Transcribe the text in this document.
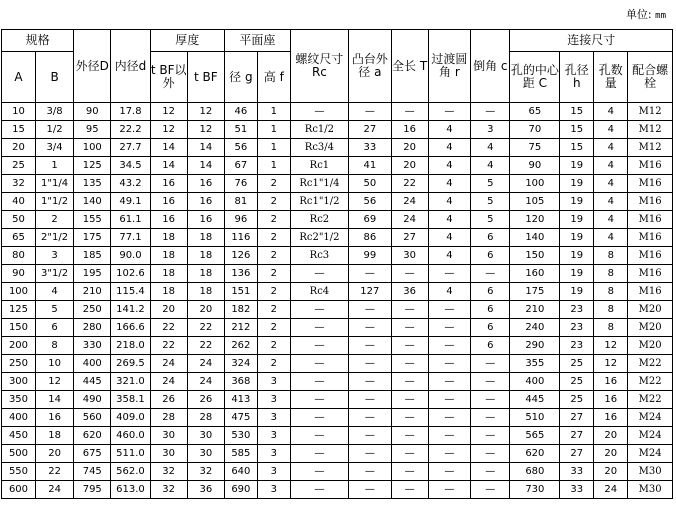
单位: mm
规格		外径D	内径d	厚度		平面座		螺纹尺寸 Rc	凸台外径 a	全长 T	过渡圆角 r	倒角 c	连接尺寸			
A	B			t BF以外	t BF	径 g	高 f						孔的中心距 C	孔径 h	孔数量	配合螺栓
10	3/8	90	17.8	12	12	46	1	—	—	—	—	—	65	15	4	M12
15	1/2	95	22.2	12	12	51	1	Rc1/2	27	16	4	3	70	15	4	M12
20	3/4	100	27.7	14	14	56	1	Rc3/4	33	20	4	4	75	15	4	M12
25	1	125	34.5	14	14	67	1	Rc1	41	20	4	4	90	19	4	M16
32	1"1/4	135	43.2	16	16	76	2	Rc1"1/4	50	22	4	5	100	19	4	M16
40	1"1/2	140	49.1	16	16	81	2	Rc1"1/2	56	24	4	5	105	19	4	M16
50	2	155	61.1	16	16	96	2	Rc2	69	24	4	5	120	19	4	M16
65	2"1/2	175	77.1	18	18	116	2	Rc2"1/2	86	27	4	6	140	19	4	M16
80	3	185	90.0	18	18	126	2	Rc3	99	30	4	6	150	19	8	M16
90	3"1/2	195	102.6	18	18	136	2	—	—	—	—	—	160	19	8	M16
100	4	210	115.4	18	18	151	2	Rc4	127	36	4	6	175	19	8	M16
125	5	250	141.2	20	20	182	2	—	—	—	—	6	210	23	8	M20
150	6	280	166.6	22	22	212	2	—	—	—	—	6	240	23	8	M20
200	8	330	218.0	22	22	262	2	—	—	—	—	6	290	23	12	M20
250	10	400	269.5	24	24	324	2	—	—	—	—	—	355	25	12	M22
300	12	445	321.0	24	24	368	3	—	—	—	—	—	400	25	16	M22
350	14	490	358.1	26	26	413	3	—	—	—	—	—	445	25	16	M22
400	16	560	409.0	28	28	475	3	—	—	—	—	—	510	27	16	M24
450	18	620	460.0	30	30	530	3	—	—	—	—	—	565	27	20	M24
500	20	675	511.0	30	30	585	3	—	—	—	—	—	620	27	20	M24
550	22	745	562.0	32	32	640	3	—	—	—	—	—	680	33	20	M30
600	24	795	613.0	32	36	690	3	—	—	—	—	—	730	33	24	M30
